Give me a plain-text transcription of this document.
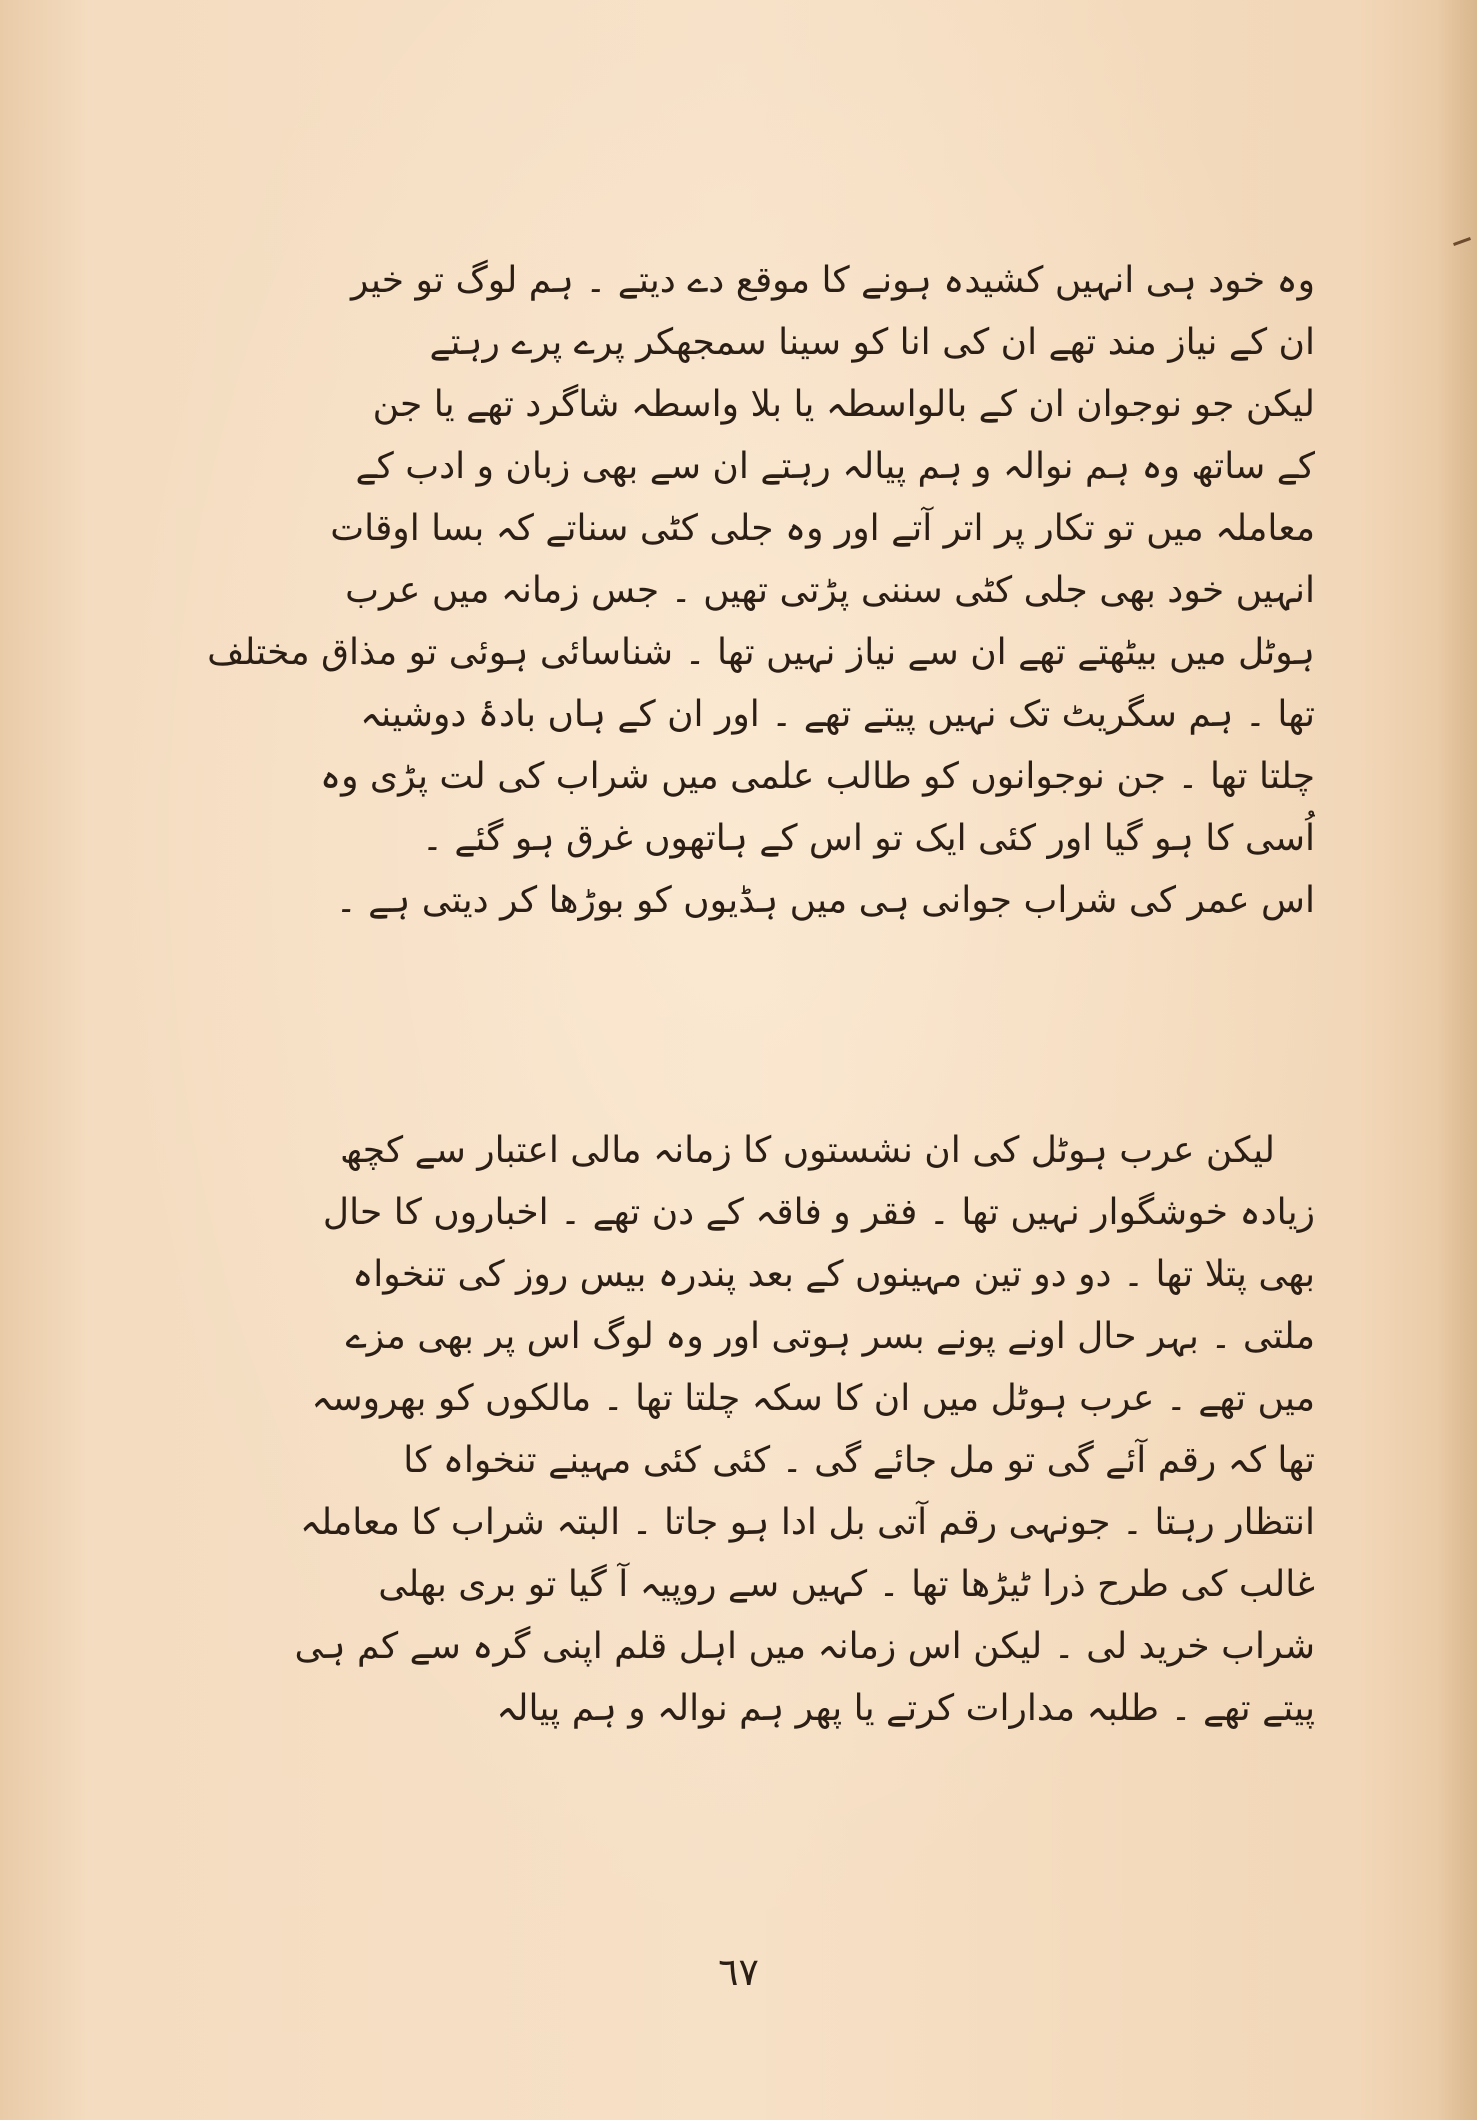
وہ خود ہی انہیں کشیدہ ہونے کا موقع دے دیتے ۔ ہم لوگ تو خیر
ان کے نیاز مند تھے ان کی انا کو سینا سمجھکر پرے پرے رہتے
لیکن جو نوجوان ان کے بالواسطہ یا بلا واسطہ شاگرد تھے یا جن
کے ساتھ وہ ہم نوالہ و ہم پیالہ رہتے ان سے بھی زبان و ادب کے
معاملہ میں تو تکار پر اتر آتے اور وہ جلی کٹی سناتے کہ بسا اوقات
انہیں خود بھی جلی کٹی سننی پڑتی تھیں ۔ جس زمانہ میں عرب
ہوٹل میں بیٹھتے تھے ان سے نیاز نہیں تھا ۔ شناسائی ہوئی تو مذاق مختلف
تھا ۔ ہم سگریٹ تک نہیں پیتے تھے ۔ اور ان کے ہاں بادۂ دوشینہ
چلتا تھا ۔ جن نوجوانوں کو طالب علمی میں شراب کی لت پڑی وہ
اُسی کا ہو گیا اور کئی ایک تو اس کے ہاتھوں غرق ہو گئے ۔
اس عمر کی شراب جوانی ہی میں ہڈیوں کو بوڑھا کر دیتی ہے ۔
لیکن عرب ہوٹل کی ان نشستوں کا زمانہ مالی اعتبار سے کچھ
زیادہ خوشگوار نہیں تھا ۔ فقر و فاقہ کے دن تھے ۔ اخباروں کا حال
بھی پتلا تھا ۔ دو دو تین مہینوں کے بعد پندرہ بیس روز کی تنخواہ
ملتی ۔ بہر حال اونے پونے بسر ہوتی اور وہ لوگ اس پر بھی مزے
میں تھے ۔ عرب ہوٹل میں ان کا سکہ چلتا تھا ۔ مالکوں کو بھروسہ
تھا کہ رقم آئے گی تو مل جائے گی ۔ کئی کئی مہینے تنخواہ کا
انتظار رہتا ۔ جونہی رقم آتی بل ادا ہو جاتا ۔ البتہ شراب کا معاملہ
غالب کی طرح ذرا ٹیڑھا تھا ۔ کہیں سے روپیہ آ گیا تو بری بھلی
شراب خرید لی ۔ لیکن اس زمانہ میں اہل قلم اپنی گرہ سے کم ہی
پیتے تھے ۔ طلبہ مدارات کرتے یا پھر ہم نوالہ و ہم پیالہ
٦٧
